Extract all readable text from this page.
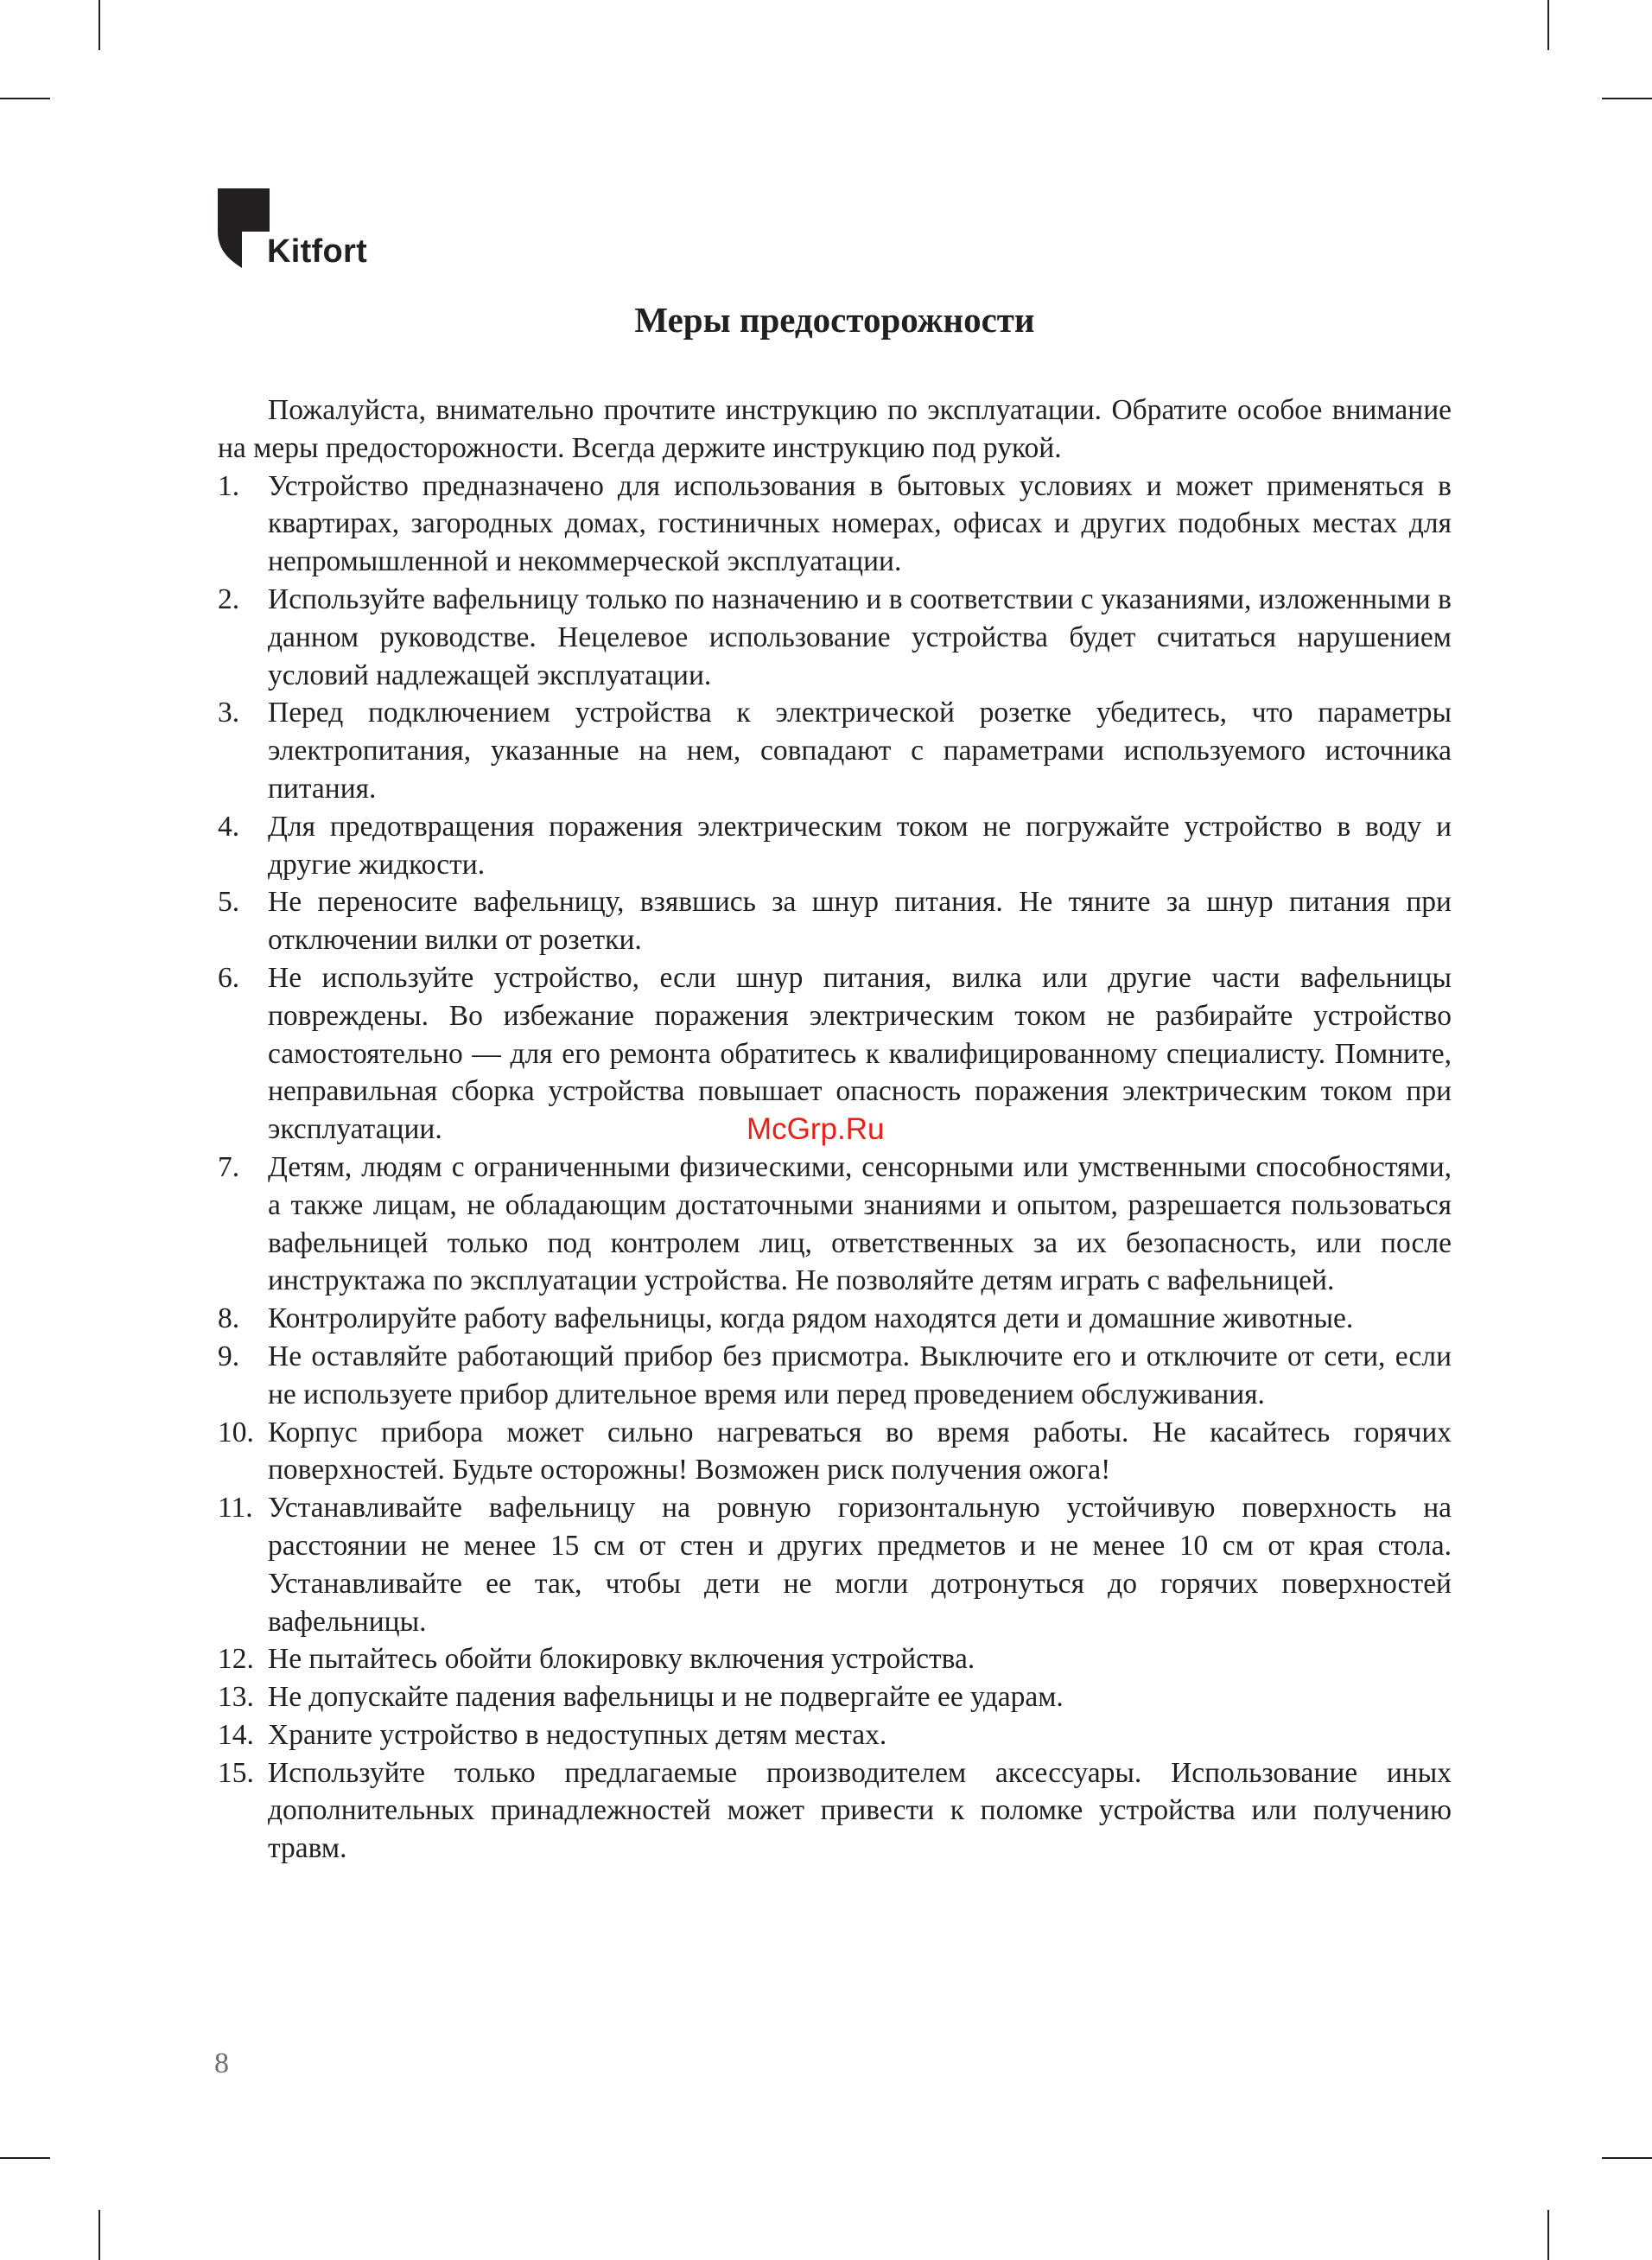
Kitfort
Меры предосторожности

Пожалуйста, внимательно прочтите инструкцию по эксплуатации. Обратите особое внимание на меры предосторожности. Всегда держите инструкцию под рукой.

1. Устройство предназначено для использования в бытовых условиях и может применяться в квартирах, загородных домах, гостиничных номерах, офисах и других подобных местах для непромышленной и некоммерческой эксплуатации.
2. Используйте вафельницу только по назначению и в соответствии с указаниями, изложенными в данном руководстве. Нецелевое использование устройства будет считаться нарушением условий надлежащей эксплуатации.
3. Перед подключением устройства к электрической розетке убедитесь, что параметры электропитания, указанные на нем, совпадают с параметрами используемого источника питания.
4. Для предотвращения поражения электрическим током не погружайте устройство в воду и другие жидкости.
5. Не переносите вафельницу, взявшись за шнур питания. Не тяните за шнур питания при отключении вилки от розетки.
6. Не используйте устройство, если шнур питания, вилка или другие части вафельницы повреждены. Во избежание поражения электрическим током не разбирайте устройство самостоятельно — для его ремонта обратитесь к квалифицированному специалисту. Помните, неправильная сборка устройства повышает опасность поражения электрическим током при эксплуатации.
7. Детям, людям с ограниченными физическими, сенсорными или умственными способностями, а также лицам, не обладающим достаточными знаниями и опытом, разрешается пользоваться вафельницей только под контролем лиц, ответственных за их безопасность, или после инструктажа по эксплуатации устройства. Не позволяйте детям играть с вафельницей.
8. Контролируйте работу вафельницы, когда рядом находятся дети и домашние животные.
9. Не оставляйте работающий прибор без присмотра. Выключите его и отключите от сети, если не используете прибор длительное время или перед проведением обслуживания.
10. Корпус прибора может сильно нагреваться во время работы. Не касайтесь горячих поверхностей. Будьте осторожны! Возможен риск получения ожога!
11. Устанавливайте вафельницу на ровную горизонтальную устойчивую поверхность на расстоянии не менее 15 см от стен и других предметов и не менее 10 см от края стола. Устанавливайте ее так, чтобы дети не могли дотронуться до горячих поверхностей вафельницы.
12. Не пытайтесь обойти блокировку включения устройства.
13. Не допускайте падения вафельницы и не подвергайте ее ударам.
14. Храните устройство в недоступных детям местах.
15. Используйте только предлагаемые производителем аксессуары. Использование иных дополнительных принадлежностей может привести к поломке устройства или получению травм.
McGrp.Ru
8
